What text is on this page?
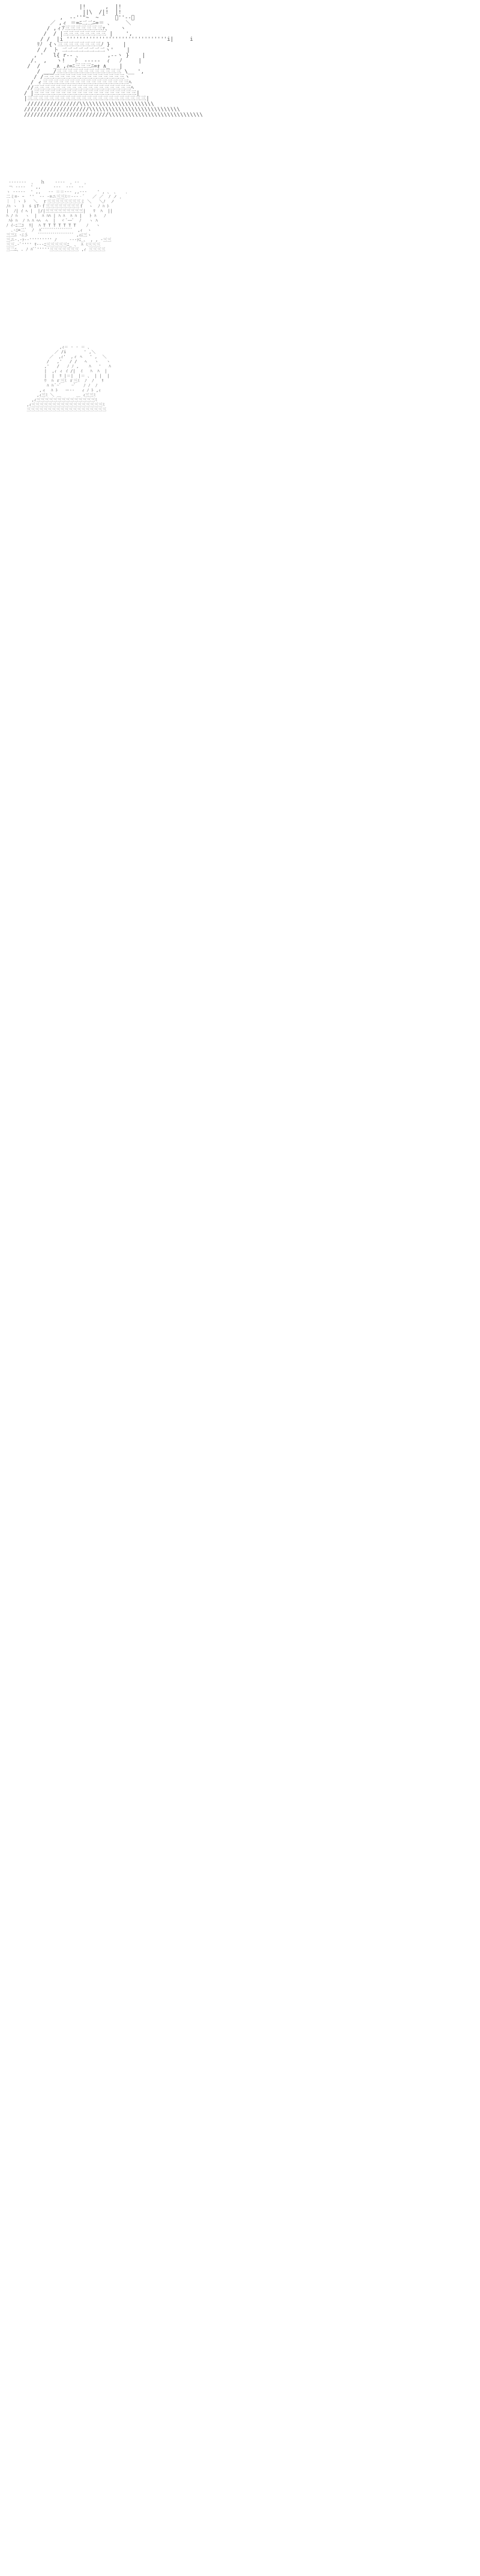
|!      ,  |!
||\  /|!  |!
,  -‐''"~  ~ ¨   ﾞ''‐-、
／ ,ィ ＝=ﾆ二二ﾆ=＝ 、    ＼
/ ,ィｱ三三三三三三三ｧ、   ヽ
/  / |三三三三三三三三 |    ',
/ /  |i '''''''''''''''''''''''''''''''i|     i
ﾘﾉ  {ヽ三三三三三三三三ﾉ }    |
/ /  ト 二二二二二二二二ヽ'    |
, '   l{ r‐- 、        ,-‐ヽ }    |
/.  ,   ヽ!   ﾄ  ‐‐‐‐‐  ｨ   ﾉ     |
/  /    _∧ ,ｨ=ﾆ三三三ﾆ=ｫ ∧_   |
/ ___/三三三三三三三三三三三三 \__ ',
/ /三三三三三三三三三三三三三三三ヽ
/ ィ三三三三三三三三三三三三三三三三ﾍ
//三三三三三三三三三三三三三三三三三三ﾍ
/ |三三三三三三三三三三三三三三三三三三三|
|三三三三三三三三三三三三三三三三三三三三三三|
////////////////\\\\\\\\\\\\\\\\\\\\\\\
////////////////////\\\\\\\\\\\\\\\\\\\\\\\\\\\\
//////////////////////////\\\\\\\\\\\\\\\\\\\\\\\\\\\\\
‐‐‐‐‐‐‐  ，  ｈ    ‐‐‐‐  ，‐‐  ，
￢ ‐‐‐‐  ' ,,     ‐‐‐  ‐‐‐  ‐‐
ヽ ‐‐‐‐‐  ' ,,   ‐‐ ＝＝‐‐‐ ,,‐‐‐    ' , 、 、   ．
二ミ=‐ ｰ  ''  ‐‐ ‐=ニ三三ﾐ＝‐‐‐‐ﾞ   ／ ／  ﾉ ノ ，
｜ ｜ヽ ﾄ   ＼  ｒ三三三三三三三三ミ ＼   ＼ﾉ  ノ
ﾉﾊ ヽ  ﾄ  ﾙ iT‐ｆ三三三三三三三三ｆ  ヽ  ﾉ ﾊ ﾄ
|  ﾉ| ｲ ﾍ |  |/|三三三三三三三三三|   ﾘ  ﾊ  ||
ﾊ ﾉ ﾊ   ヽ  |  ﾊ ﾊﾊ | ﾊ ﾊ  ﾊ ﾊ |   ﾄ ﾊ   ﾉ
ﾊﾄ ﾊ  ﾉ ﾊ ﾊ ﾍﾍ  ﾍ  |  ヾ ﾞｰｰﾞ  ﾉ   ヽ ﾊ
ﾉ ｲ‐ﾆ二ｺ  ﾘ|  ﾊ T T T T T T T    ﾉ   ヽ
､-ﾆ=二ﾞ  ﾉ  ﾊﾞﾞﾞﾞﾞﾞﾞﾞﾞﾞﾞﾞﾞﾞﾞ  ,ｨ  ヽ
三三ﾆ ‐ﾆ彡    ﾞﾞﾞﾞﾞﾞﾞﾞﾞﾞﾞﾞﾞﾞﾞﾞﾞ ,ｨﾆ三ヽ
三ニ‐.‐ｧ‐‐''''''''' ﾉ     ‐‐‐ｧﾆ_、 , , ‐三三
三三.‐ﾞ'''' ﾘ‐‐‐ﾆ三三三三三ﾆ_ 、 ﾊ ﾐ三三三
三二ﾆ、. ﾉ ﾊﾞﾞ'''''三三三三三三三 ,ｨ 三三三三
,ｨ＝ ‐ ‐ ＝ 、
／ /i       ' ,＼
／  ,ｨ'  ,ィ ﾍ   ' ,  ＼
/   ,'   / /   ﾍ   ヽ   ヽ
,'   /   ﾉ ﾉ ,    ﾊ   '   ﾊ
|  ,ｨ ィ ｲ /|  ｲ   ﾊ  ﾊ  |
|  |  ﾘ |＝|  |＝ 、 | |  |
ﾘ  ﾊ ｒ三ﾐ ｒ三ﾐ  ﾉ  ﾉ   ﾘ
ﾊ ﾊ ﾞ~ﾞ    ~ﾞ   ﾉ ﾉ  ﾉ
,ィ  ﾊ ﾄ   ー‐‐   ｨ ﾉ ﾄ ,ｨ
,ｨ三ﾐ ＼ ＿      ＿ ｨ三三ﾐ
,ｨ三三三三三三三三三三三三三三ﾐ
,ｨ三三三三三三三三三三三三三三三三三ﾐ
三三三三三三三三三三三三三三三三三三三
